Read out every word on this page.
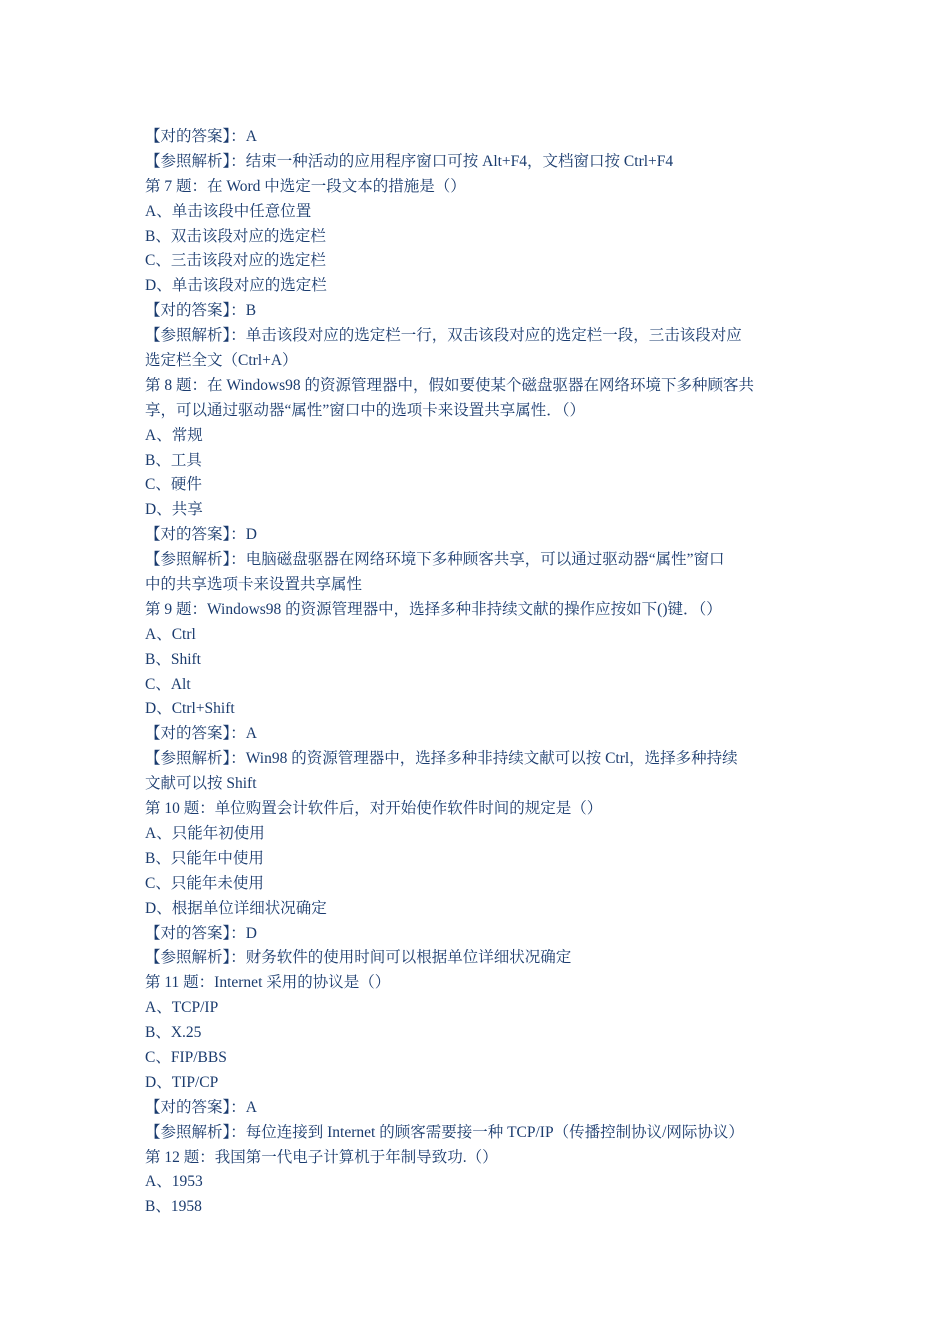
【对的答案】：A
【参照解析】：结束一种活动的应用程序窗口可按 Alt+F4，文档窗口按 Ctrl+F4
第 7 题：在 Word 中选定一段文本的措施是（）
A、单击该段中任意位置
B、双击该段对应的选定栏
C、三击该段对应的选定栏
D、单击该段对应的选定栏
【对的答案】：B
【参照解析】：单击该段对应的选定栏一行，双击该段对应的选定栏一段，三击该段对应
选定栏全文（Ctrl+A）
第 8 题：在 Windows98 的资源管理器中，假如要使某个磁盘驱器在网络环境下多种顾客共
享，可以通过驱动器“属性”窗口中的选项卡来设置共享属性．（）
A、常规
B、工具
C、硬件
D、共享
【对的答案】：D
【参照解析】：电脑磁盘驱器在网络环境下多种顾客共享，可以通过驱动器“属性”窗口
中的共享选项卡来设置共享属性
第 9 题：Windows98 的资源管理器中，选择多种非持续文献的操作应按如下()键．（）
A、Ctrl
B、Shift
C、Alt
D、Ctrl+Shift
【对的答案】：A
【参照解析】：Win98 的资源管理器中，选择多种非持续文献可以按 Ctrl，选择多种持续
文献可以按 Shift
第 10 题：单位购置会计软件后，对开始使作软件时间的规定是（）
A、只能年初使用
B、只能年中使用
C、只能年未使用
D、根据单位详细状况确定
【对的答案】：D
【参照解析】：财务软件的使用时间可以根据单位详细状况确定
第 11 题：Internet 采用的协议是（）
A、TCP/IP
B、X.25
C、FIP/BBS
D、TIP/CP
【对的答案】：A
【参照解析】：每位连接到 Internet 的顾客需要接一种 TCP/IP（传播控制协议/网际协议）
第 12 题：我国第一代电子计算机于年制导致功.（）
A、1953
B、1958
